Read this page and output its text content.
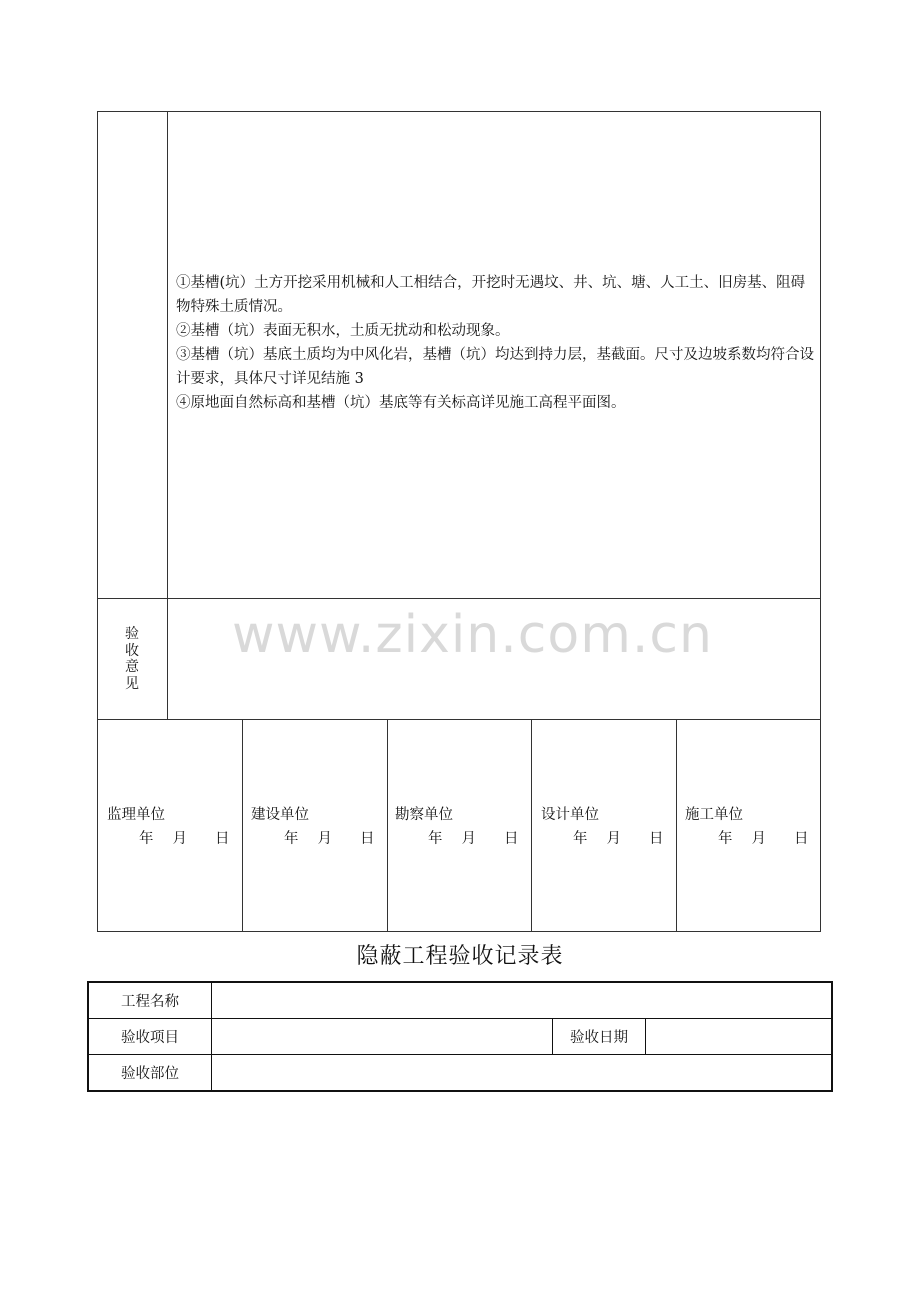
①基槽(坑）土方开挖采用机械和人工相结合，开挖时无遇坟、井、坑、塘、人工土、旧房基、阻碍物特殊土质情况。

②基槽（坑）表面无积水，土质无扰动和松动现象。

③基槽（坑）基底土质均为中风化岩，基槽（坑）均达到持力层，基截面。尺寸及边坡系数均符合设计要求，具体尺寸详见结施 3

④原地面自然标高和基槽（坑）基底等有关标高详见施工高程平面图。

验
收
意
见
www.zixin.com.cn
监理单位
年 月 日
建设单位
年 月 日
勘察单位
年 月 日
设计单位
年 月 日
施工单位
年 月 日
隐蔽工程验收记录表
工程名称
验收项目	验收日期
验收部位
